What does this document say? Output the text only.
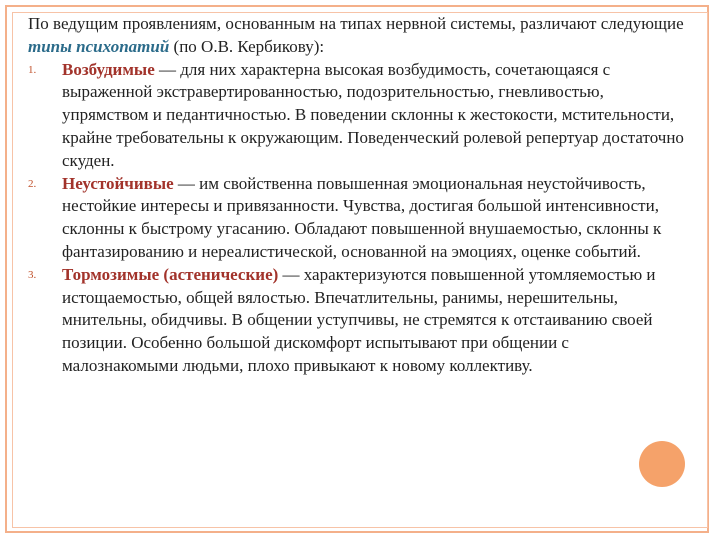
По ведущим проявлениям, основанным на типах нервной системы, различают следующие типы психопатий (по О.В. Кербикову):

1. Возбудимые — для них характерна высокая возбудимость, сочетающаяся с выраженной экстравертированностью, подозрительностью, гневливостью, упрямством и педантичностью. В поведении склонны к жестокости, мстительности, крайне требовательны к окружающим. Поведенческий ролевой репертуар достаточно скуден.
2. Неустойчивые — им свойственна повышенная эмоциональная неустойчивость, нестойкие интересы и привязанности. Чувства, достигая большой интенсивности, склонны к быстрому угасанию. Обладают повышенной внушаемостью, склонны к фантазированию и нереалистической, основанной на эмоциях, оценке событий.
3. Тормозимые (астенические) — характеризуются повышенной утомляемостью и истощаемостью, общей вялостью. Впечатлительны, ранимы, нерешительны, мнительны, обидчивы. В общении уступчивы, не стремятся к отстаиванию своей позиции. Особенно большой дискомфорт испытывают при общении с малознакомыми людьми, плохо привыкают к новому коллективу.
